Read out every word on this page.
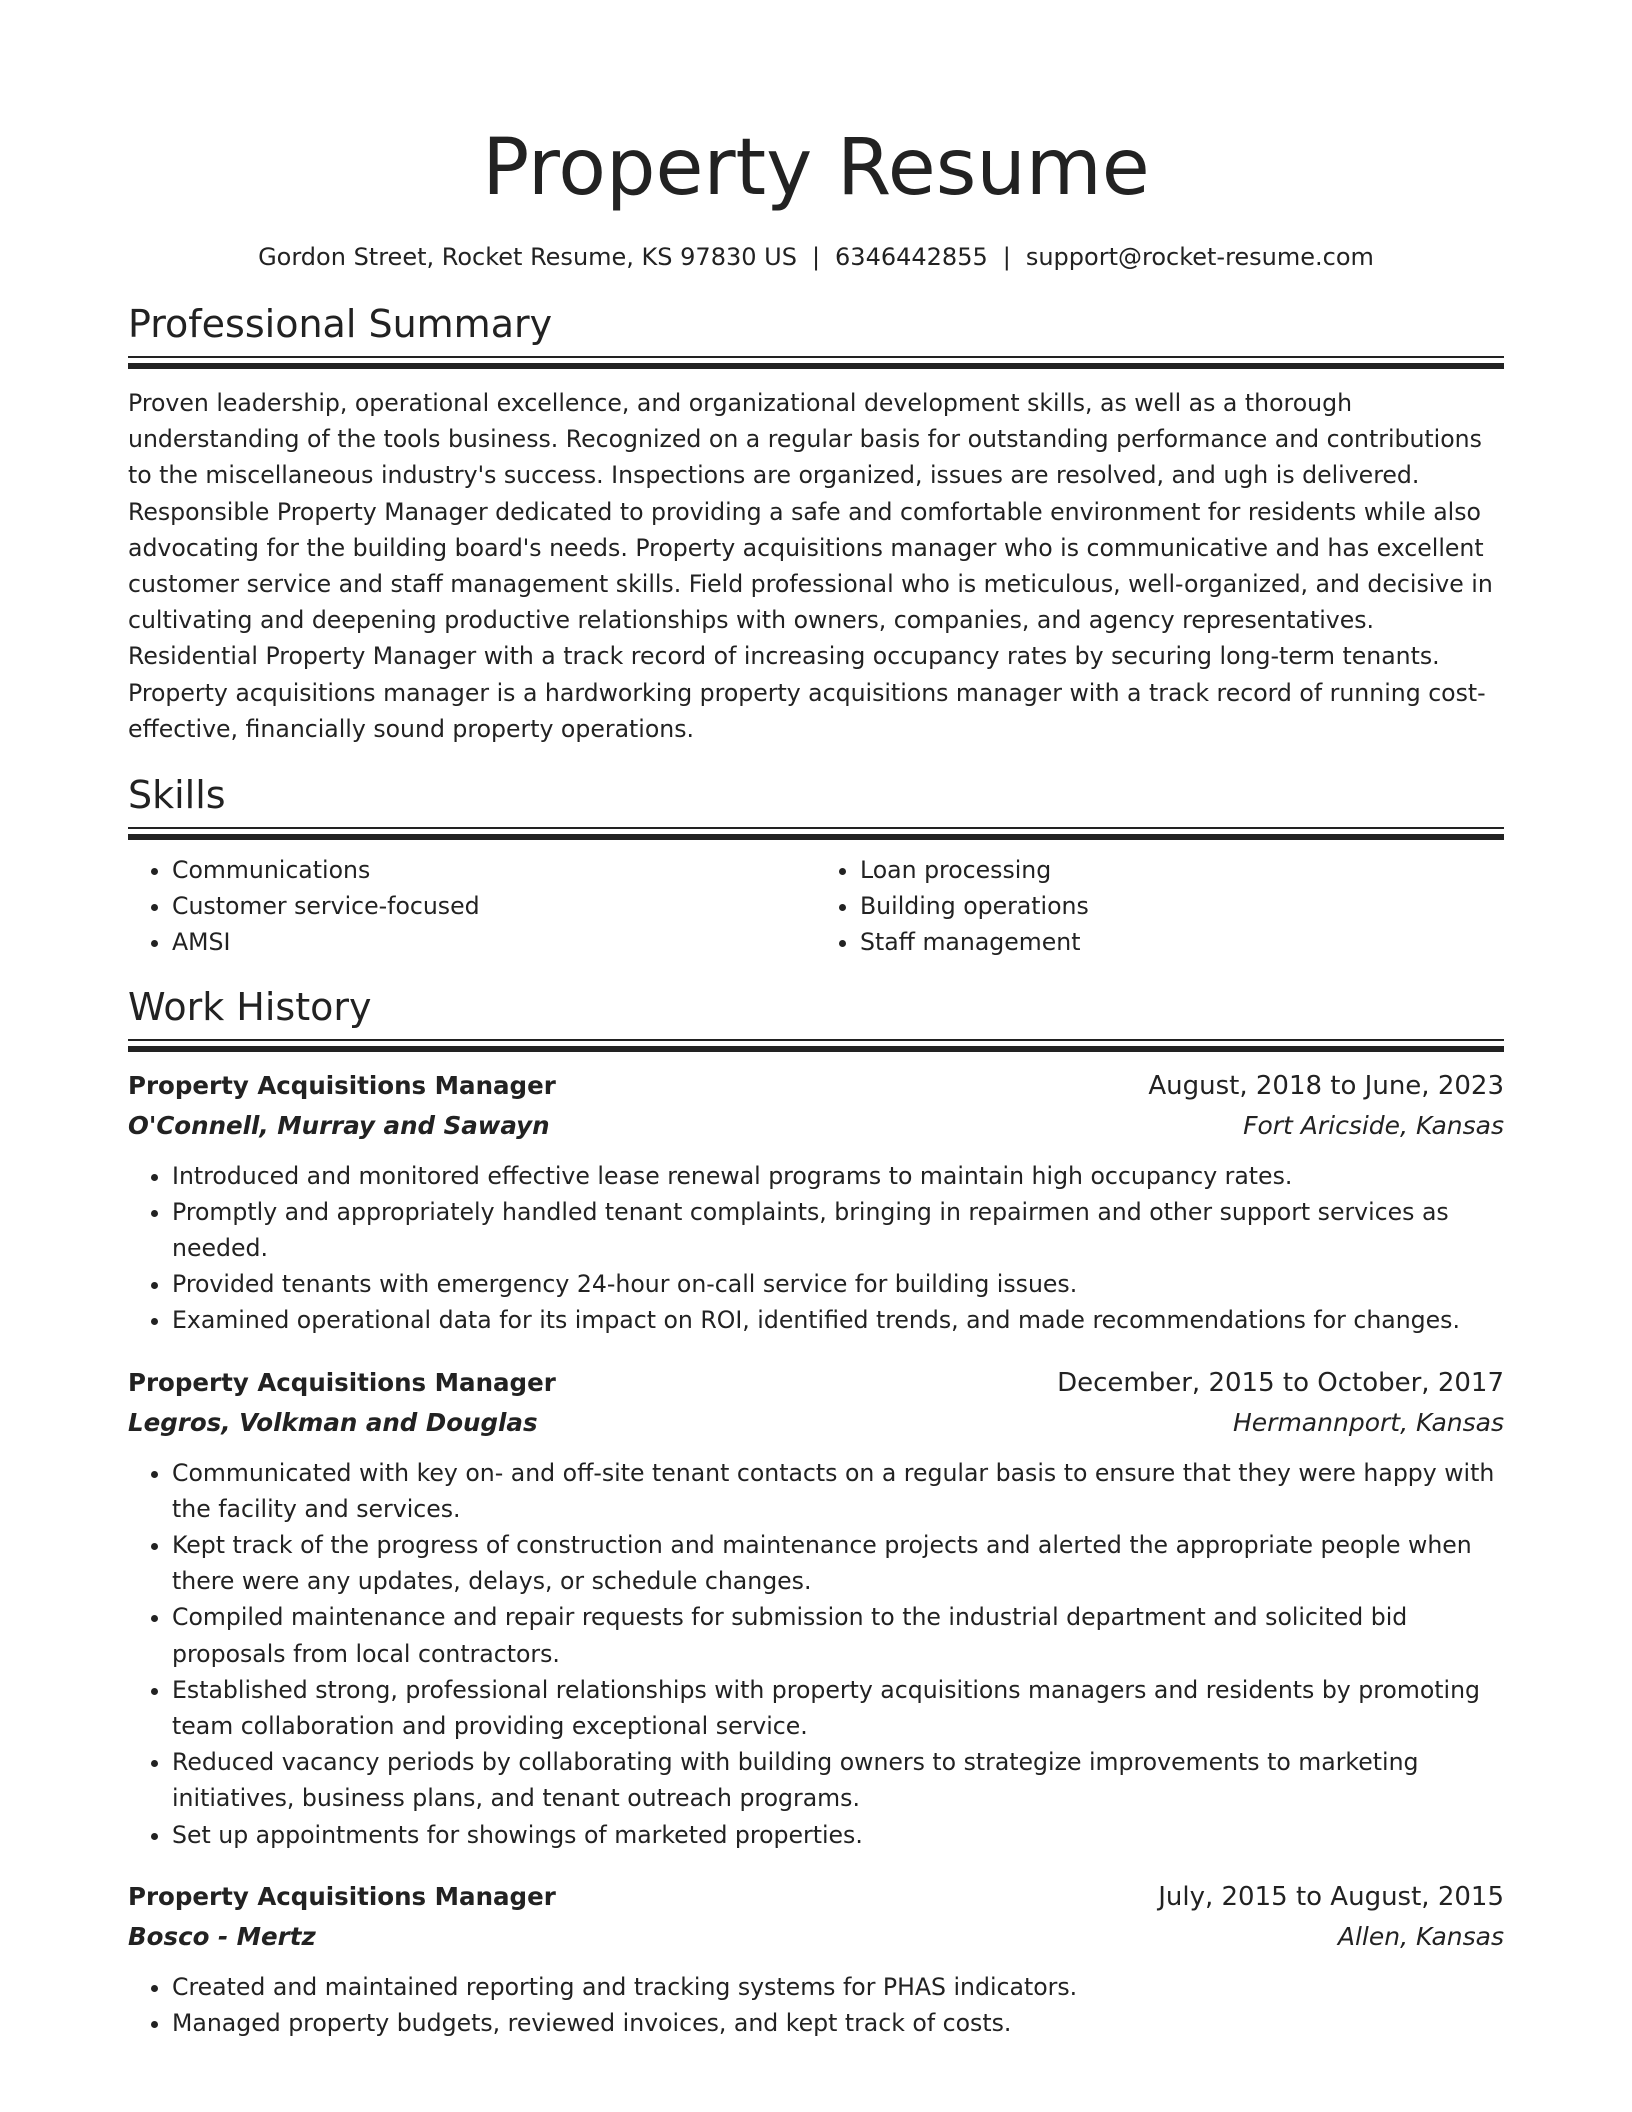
Property Resume
Gordon Street, Rocket Resume, KS 97830 US | 6346442855 | support@rocket-resume.com
Professional Summary

Proven leadership, operational excellence, and organizational development skills, as well as a thorough understanding of the tools business. Recognized on a regular basis for outstanding performance and contributions to the miscellaneous industry's success. Inspections are organized, issues are resolved, and ugh is delivered. Responsible Property Manager dedicated to providing a safe and comfortable environment for residents while also advocating for the building board's needs. Property acquisitions manager who is communicative and has excellent customer service and staff management skills. Field professional who is meticulous, well-organized, and decisive in cultivating and deepening productive relationships with owners, companies, and agency representatives. Residential Property Manager with a track record of increasing occupancy rates by securing long-term tenants. Property acquisitions manager is a hardworking property acquisitions manager with a track record of running cost-effective, financially sound property operations.

Skills
• Communications
• Customer service-focused
• AMSI
• Loan processing
• Building operations
• Staff management
Work History
Property Acquisitions Manager	August, 2018 to June, 2023
O'Connell, Murray and Sawayn	Fort Aricside, Kansas
• Introduced and monitored effective lease renewal programs to maintain high occupancy rates.
• Promptly and appropriately handled tenant complaints, bringing in repairmen and other support services as needed.
• Provided tenants with emergency 24-hour on-call service for building issues.
• Examined operational data for its impact on ROI, identified trends, and made recommendations for changes.
Property Acquisitions Manager	December, 2015 to October, 2017
Legros, Volkman and Douglas	Hermannport, Kansas
• Communicated with key on- and off-site tenant contacts on a regular basis to ensure that they were happy with the facility and services.
• Kept track of the progress of construction and maintenance projects and alerted the appropriate people when there were any updates, delays, or schedule changes.
• Compiled maintenance and repair requests for submission to the industrial department and solicited bid proposals from local contractors.
• Established strong, professional relationships with property acquisitions managers and residents by promoting team collaboration and providing exceptional service.
• Reduced vacancy periods by collaborating with building owners to strategize improvements to marketing initiatives, business plans, and tenant outreach programs.
• Set up appointments for showings of marketed properties.
Property Acquisitions Manager	July, 2015 to August, 2015
Bosco - Mertz	Allen, Kansas
• Created and maintained reporting and tracking systems for PHAS indicators.
• Managed property budgets, reviewed invoices, and kept track of costs.
